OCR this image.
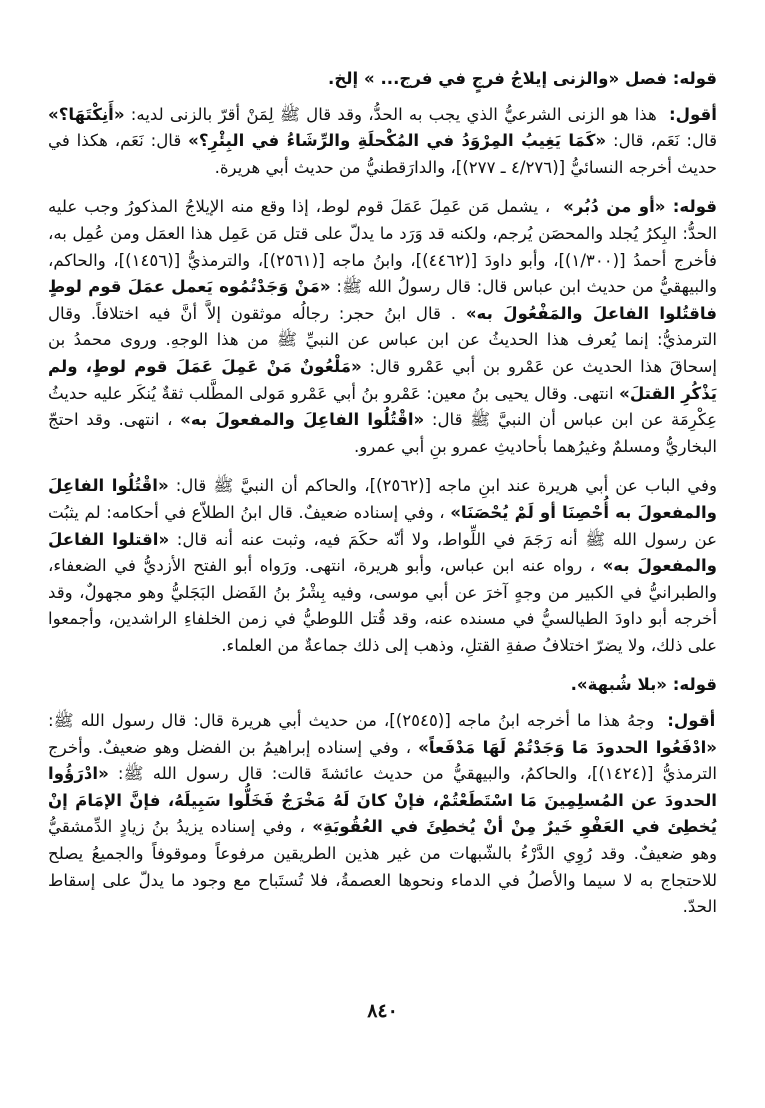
قوله: فصل «والزنى إيلاجُ فرجٍ في فرج... » إلخ.

أقول: هذا هو الزنى الشرعيُّ الذي يجب به الحدُّ، وقد قال ﷺ لِمَنْ أقرّ بالزنى لديه: «أَنِكْتَهَا؟» قال: نَعَم، قال: «كَمَا يَغِيبُ المِرْوَدُ في المُكْحلَةِ والرِّشَاءُ في البِئْرِ؟» قال: نَعَم، هكذا في حديث أخرجه النسائيُّ [(٤/٢٧٦ ـ ٢٧٧)]، والدارَقطنيُّ من حديث أبي هريرة.

قوله: «أو من دُبُر» ، يشمل مَن عَمِلَ عَمَلَ قوم لوط، إذا وقع منه الإيلاجُ المذكورُ وجب عليه الحدُّ: البِكرُ يُجلد والمحصَن يُرجم، ولكنه قد وَرَد ما يدلّ على قتل مَن عَمِل هذا العمَل ومن عُمِل به، فأخرج أحمدُ [(١/٣٠٠)]، وأبو داودَ [(٤٤٦٢)]، وابنُ ماجه [(٢٥٦١)]، والترمذيُّ [(١٤٥٦)]، والحاكم، والبيهقيُّ من حديث ابن عباس قال: قال رسولُ الله ﷺ: «مَنْ وَجَدْتُمُوه يَعمل عمَلَ قوم لوطٍ فاقتُلوا الفاعلَ والمَفْعُولَ به» . قال ابنُ حجر: رجالُه موثقون إلاَّ أنَّ فيه اختلافاً. وقال الترمذيُّ: إنما يُعرف هذا الحديثُ عن ابن عباس عن النبيِّ ﷺ من هذا الوجهِ. وروى محمدُ بن إسحاقَ هذا الحديث عن عَمْرو بن أبي عَمْرو قال: «مَلْعُونٌ مَنْ عَمِلَ عَمَلَ قوم لوطٍ، ولم يَذْكُرِ القتلَ» انتهى. وقال يحيى بنُ معين: عَمْرو بنُ أبي عَمْرو مَولى المطَّلب ثقةٌ يُنكَر عليه حديثُ عِكْرِمَة عن ابن عباس أن النبيَّ ﷺ قال: «اقْتُلُوا الفاعِلَ والمفعولَ به» ، انتهى. وقد احتجّ البخاريُّ ومسلمٌ وغيرُهما بأحاديثِ عمرو بنِ أبي عمرو.

وفي الباب عن أبي هريرة عند ابنِ ماجه [(٢٥٦٢)]، والحاكم أن النبيَّ ﷺ قال: «اقْتُلُوا الفاعِلَ والمفعولَ به أُحْصِنَا أو لَمْ يُحْصَنَا» ، وفي إسناده ضعيفٌ. قال ابنُ الطلاّع في أحكامه: لم يثبُت عن رسول الله ﷺ أنه رَجَمَ في اللِّواط، ولا أنّه حكَمَ فيه، وثبت عنه أنه قال: «اقتلوا الفاعلَ والمفعولَ به» ، رواه عنه ابن عباس، وأبو هريرة، انتهى. ورَواه أبو الفتح الأزديُّ في الضعفاء، والطبرانيُّ في الكبير من وجهٍ آخرَ عن أبي موسى، وفيه بِشْرُ بنُ الفَضل البَجَليُّ وهو مجهولٌ، وقد أخرجه أبو داودَ الطيالسيُّ في مسنده عنه، وقد قُتل اللوطيُّ في زمن الخلفاءِ الراشدين، وأجمعوا على ذلك، ولا يضرّ اختلافُ صفةِ القتلِ، وذهب إلى ذلك جماعةٌ من العلماء.

قوله: «بلا شُبهة».

أقول: وجهُ هذا ما أخرجه ابنُ ماجه [(٢٥٤٥)]، من حديث أبي هريرة قال: قال رسول الله ﷺ: «ادْفَعُوا الحدودَ مَا وَجَدْتُمْ لَهَا مَدْفَعاً» ، وفي إسناده إبراهيمُ بن الفضل وهو ضعيفٌ. وأخرج الترمذيُّ [(١٤٢٤)]، والحاكمُ، والبيهقيُّ من حديث عائشةَ قالت: قال رسول الله ﷺ: «ادْرَؤُوا الحدودَ عن المُسلِمِينَ مَا اسْتَطَعْتُمْ، فإنْ كانَ لَهُ مَخْرَجٌ فَخَلُّوا سَبِيلَهُ، فإنَّ الإمَامَ إنْ يُخطِئ في العَفْوِ خَيرٌ مِنْ أنْ يُخطِئَ في العُقُوبَةِ» ، وفي إسناده يزيدُ بنُ زيادٍ الدِّمشقيُّ وهو ضعيفٌ. وقد رُوِي الدَّرْءُ بالشّبهات من غير هذين الطريقين مرفوعاً وموقوفاً والجميعُ يصلح للاحتجاج به لا سيما والأصلُ في الدماء ونحوها العصمةُ، فلا تُستَباح مع وجود ما يدلّ على إسقاط الحدّ.

٨٤٠
